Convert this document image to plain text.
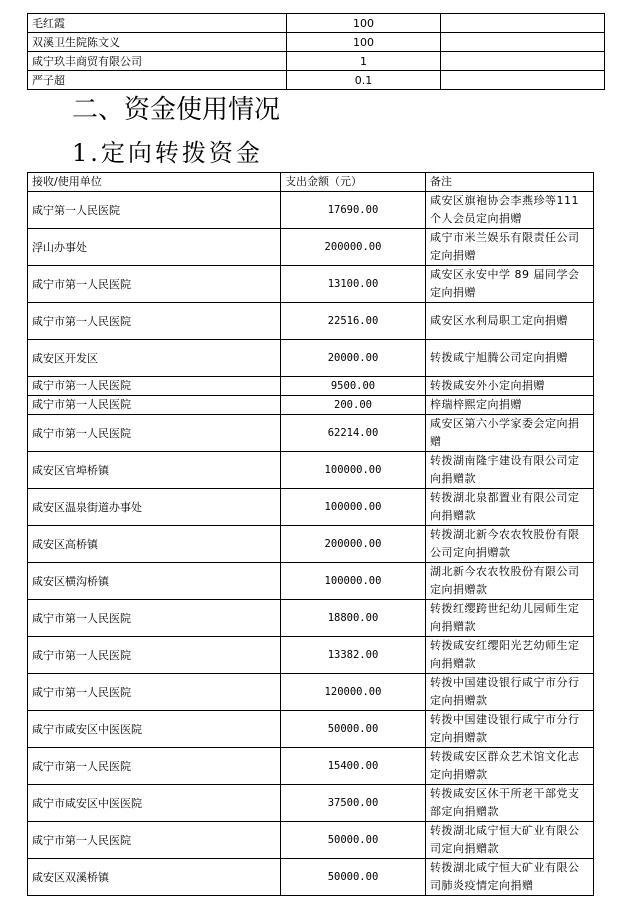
毛红霞	100	
双溪卫生院陈文义	100	
咸宁玖丰商贸有限公司	1	
严子超	0.1	
二、资金使用情况
1.定向转拨资金
接收/使用单位	支出金额（元）	备注
咸宁第一人民医院	17690.00	咸安区旗袍协会李燕珍等111个人会员定向捐赠
浮山办事处	200000.00	咸宁市米兰娱乐有限责任公司定向捐赠
咸宁市第一人民医院	13100.00	咸安区永安中学 89 届同学会定向捐赠
咸宁市第一人民医院	22516.00	咸安区水利局职工定向捐赠
咸安区开发区	20000.00	转拨咸宁旭腾公司定向捐赠
咸宁市第一人民医院	9500.00	转拨咸安外小定向捐赠
咸宁市第一人民医院	200.00	梓瑞梓熙定向捐赠
咸宁市第一人民医院	62214.00	咸安区第六小学家委会定向捐赠
咸安区官埠桥镇	100000.00	转拨湖南隆宇建设有限公司定向捐赠款
咸安区温泉街道办事处	100000.00	转拨湖北泉都置业有限公司定向捐赠款
咸安区高桥镇	200000.00	转拨湖北新今农农牧股份有限公司定向捐赠款
咸安区横沟桥镇	100000.00	湖北新今农农牧股份有限公司定向捐赠款
咸宁市第一人民医院	18800.00	转拨红缨跨世纪幼儿园师生定向捐赠款
咸宁市第一人民医院	13382.00	转拨咸安红缨阳光艺幼师生定向捐赠款
咸宁市第一人民医院	120000.00	转拨中国建设银行咸宁市分行定向捐赠款
咸宁市咸安区中医医院	50000.00	转拨中国建设银行咸宁市分行定向捐赠款
咸宁市第一人民医院	15400.00	转拨咸安区群众艺术馆文化志定向捐赠款
咸宁市咸安区中医医院	37500.00	转拨咸安区休干所老干部党支部定向捐赠款
咸宁市第一人民医院	50000.00	转拨湖北咸宁恒大矿业有限公司定向捐赠款
咸安区双溪桥镇	50000.00	转拨湖北咸宁恒大矿业有限公司肺炎疫情定向捐赠
